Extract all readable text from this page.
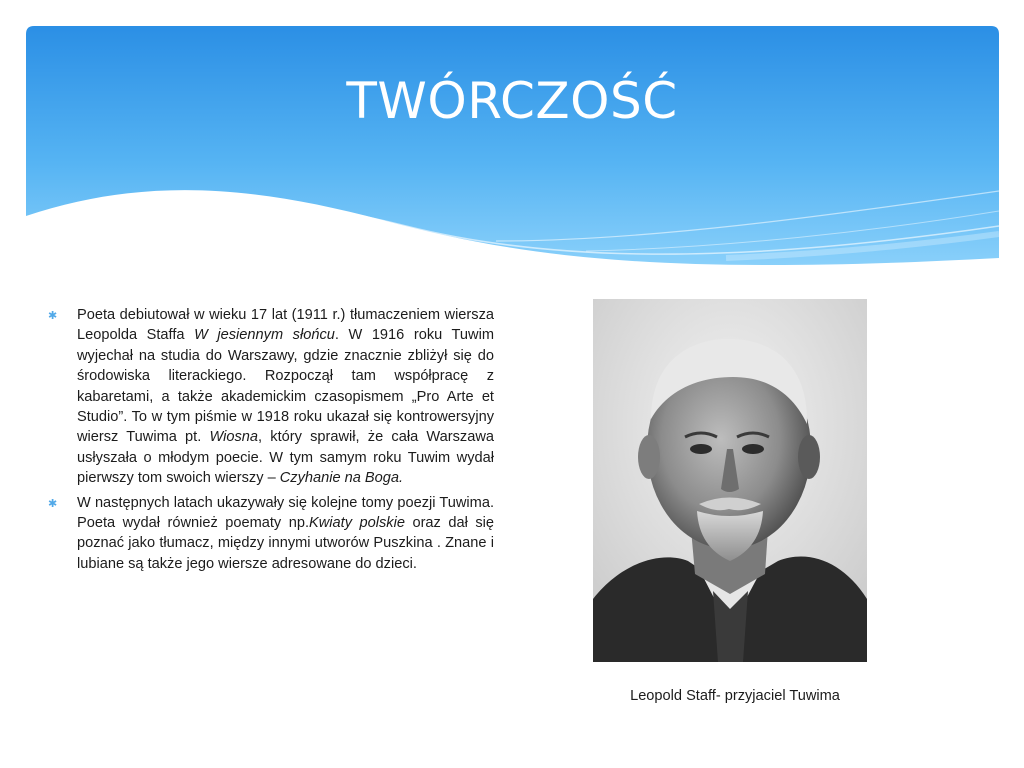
TWÓRCZOŚĆ

✱ Poeta debiutował w wieku 17 lat (1911 r.) tłumaczeniem wiersza Leopolda Staffa W jesiennym słońcu. W 1916 roku Tuwim wyjechał na studia do Warszawy, gdzie znacznie zbliżył się do środowiska literackiego. Rozpoczął tam współpracę z kabaretami, a także akademickim czasopismem „Pro Arte et Studio”. To w tym piśmie w 1918 roku ukazał się kontrowersyjny wiersz Tuwima pt. Wiosna, który sprawił, że cała Warszawa usłyszała o młodym poecie. W tym samym roku Tuwim wydał pierwszy tom swoich wierszy – Czyhanie na Boga.

✱ W następnych latach ukazywały się kolejne tomy poezji Tuwima. Poeta wydał również poematy np.Kwiaty polskie oraz dał się poznać jako tłumacz, między innymi utworów Puszkina . Znane i lubiane są także jego wiersze adresowane do dzieci.

Leopold Staff- przyjaciel Tuwima
